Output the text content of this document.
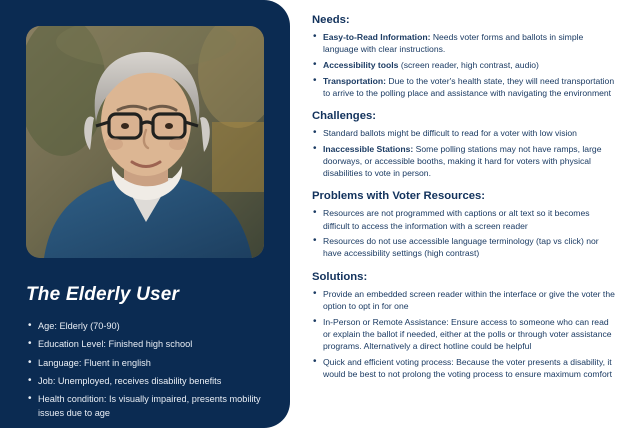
The Elderly User
• Age: Elderly (70-90)
• Education Level: Finished high school
• Language: Fluent in english
• Job: Unemployed, receives disability benefits
• Health condition: Is visually impaired, presents mobility issues due to age
Needs:
• Easy-to-Read Information: Needs voter forms and ballots in simple language with clear instructions.
• Accessibility tools (screen reader, high contrast, audio)
• Transportation: Due to the voter's health state, they will need transportation to arrive to the polling place and assistance with navigating the environment
Challenges:
• Standard ballots might be difficult to read for a voter with low vision
• Inaccessible Stations: Some polling stations may not have ramps, large doorways, or accessible booths, making it hard for voters with physical disabilities to vote in person.
Problems with Voter Resources:
• Resources are not programmed with captions or alt text so it becomes difficult to access the information with a screen reader
• Resources do not use accessible language terminology (tap vs click) nor have accessibility settings (high contrast)
Solutions:
• Provide an embedded screen reader within the interface or give the voter the option to opt in for one
• In-Person or Remote Assistance: Ensure access to someone who can read or explain the ballot if needed, either at the polls or through voter assistance programs. Alternatively a direct hotline could be helpful
• Quick and efficient voting process: Because the voter presents a disability, it would be best to not prolong the voting process to ensure maximum comfort
